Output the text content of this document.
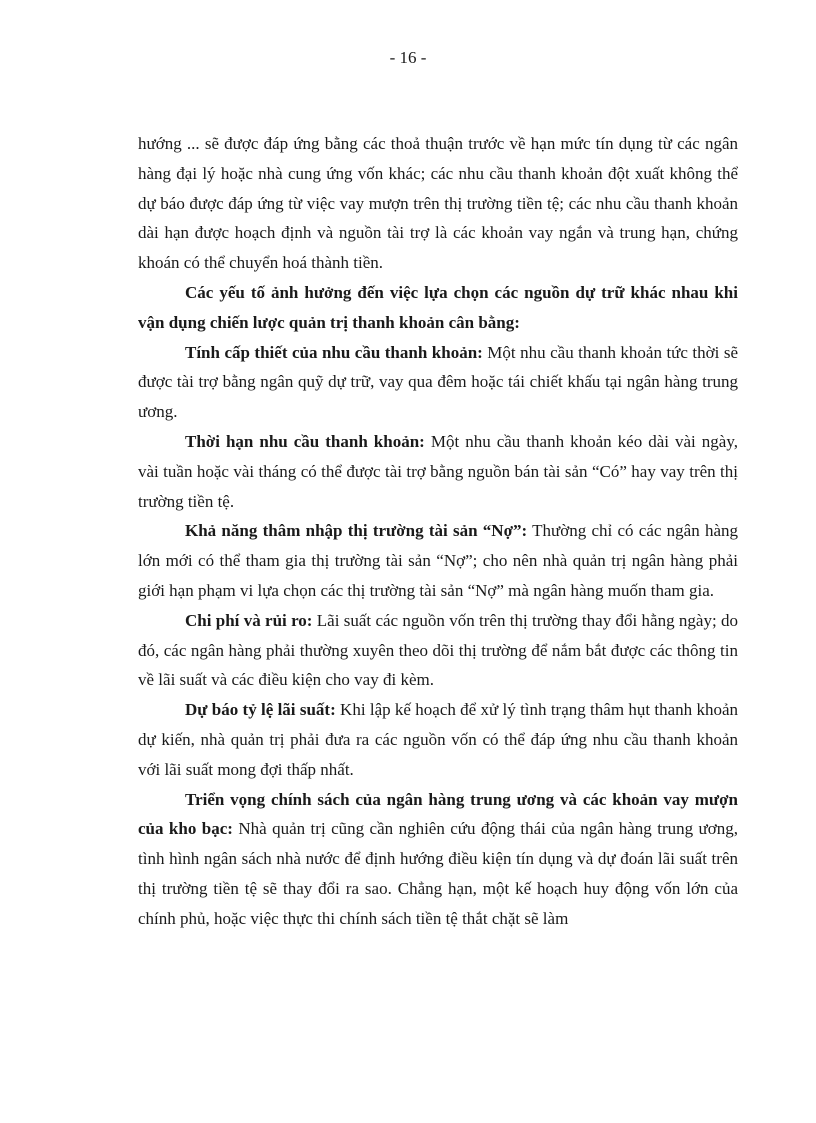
- 16 -

hướng ... sẽ được đáp ứng bằng các thoả thuận trước về hạn mức tín dụng từ các ngân hàng đại lý hoặc nhà cung ứng vốn khác; các nhu cầu thanh khoản đột xuất không thể dự báo được đáp ứng từ việc vay mượn trên thị trường tiền tệ; các nhu cầu thanh khoản dài hạn được hoạch định và nguồn tài trợ là các khoản vay ngắn và trung hạn, chứng khoán có thể chuyển hoá thành tiền.

Các yếu tố ảnh hưởng đến việc lựa chọn các nguồn dự trữ khác nhau khi vận dụng chiến lược quản trị thanh khoản cân bằng:

Tính cấp thiết của nhu cầu thanh khoản: Một nhu cầu thanh khoản tức thời sẽ được tài trợ bằng ngân quỹ dự trữ, vay qua đêm hoặc tái chiết khấu tại ngân hàng trung ương.

Thời hạn nhu cầu thanh khoản: Một nhu cầu thanh khoản kéo dài vài ngày, vài tuần hoặc vài tháng có thể được tài trợ bằng nguồn bán tài sản “Có” hay vay trên thị trường tiền tệ.

Khả năng thâm nhập thị trường tài sản “Nợ”: Thường chỉ có các ngân hàng lớn mới có thể tham gia thị trường tài sản “Nợ”; cho nên nhà quản trị ngân hàng phải giới hạn phạm vi lựa chọn các thị trường tài sản “Nợ” mà ngân hàng muốn tham gia.

Chi phí và rủi ro: Lãi suất các nguồn vốn trên thị trường thay đổi hằng ngày; do đó, các ngân hàng phải thường xuyên theo dõi thị trường để nắm bắt được các thông tin về lãi suất và các điều kiện cho vay đi kèm.

Dự báo tỷ lệ lãi suất: Khi lập kế hoạch để xử lý tình trạng thâm hụt thanh khoản dự kiến, nhà quản trị phải đưa ra các nguồn vốn có thể đáp ứng nhu cầu thanh khoản với lãi suất mong đợi thấp nhất.

Triển vọng chính sách của ngân hàng trung ương và các khoản vay mượn của kho bạc: Nhà quản trị cũng cần nghiên cứu động thái của ngân hàng trung ương, tình hình ngân sách nhà nước để định hướng điều kiện tín dụng và dự đoán lãi suất trên thị trường tiền tệ sẽ thay đổi ra sao. Chẳng hạn, một kế hoạch huy động vốn lớn của chính phủ, hoặc việc thực thi chính sách tiền tệ thắt chặt sẽ làm
